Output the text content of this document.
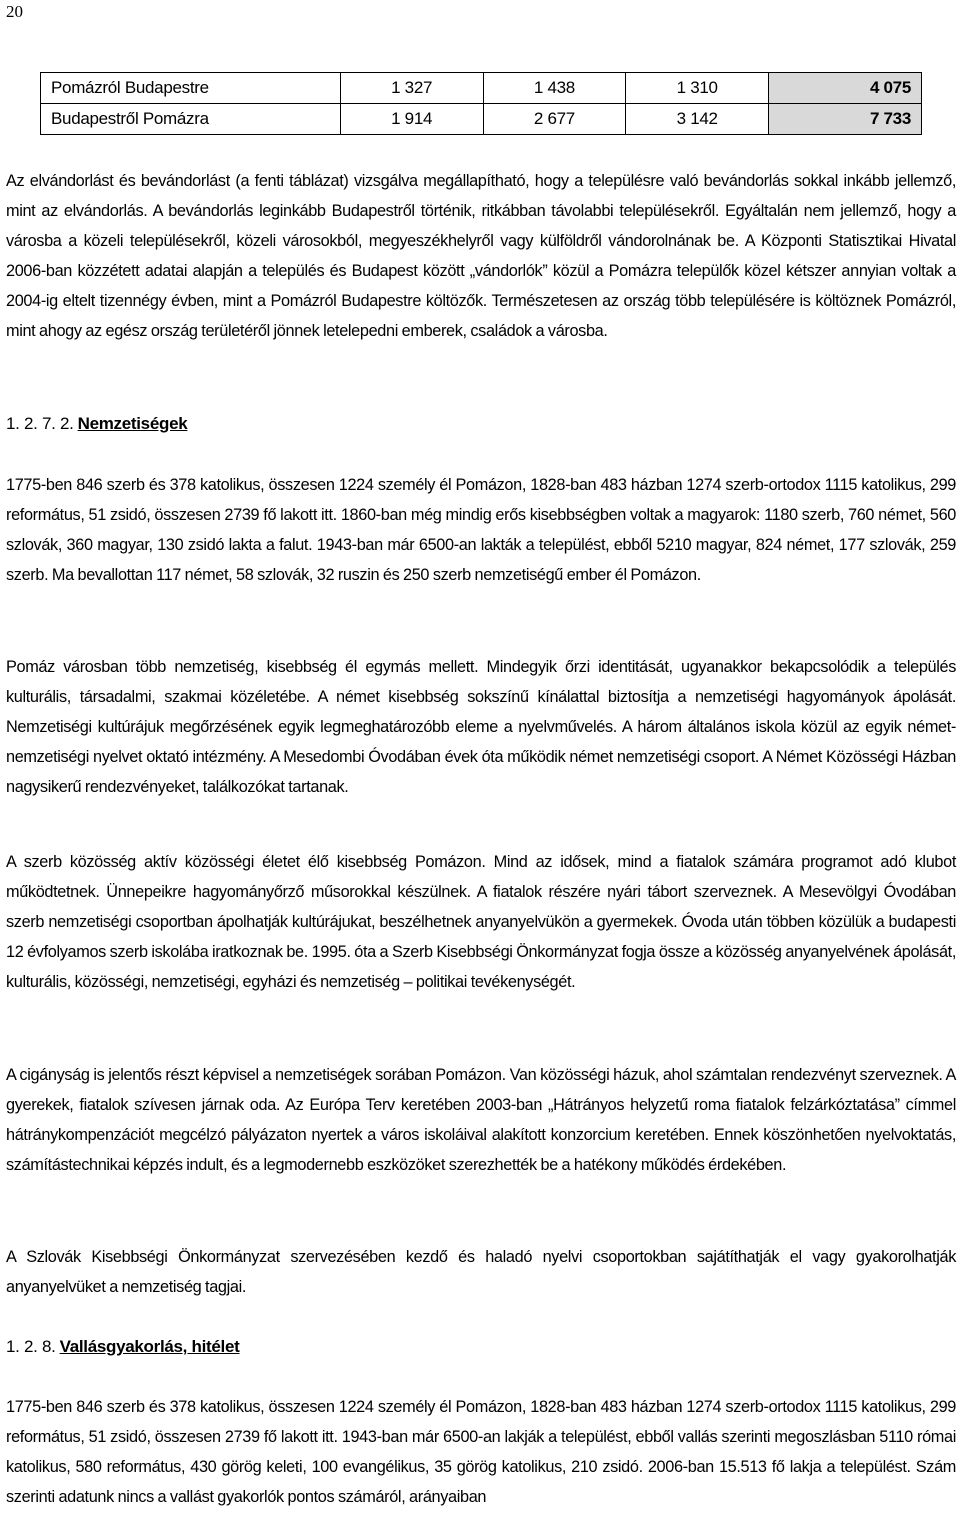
20
Pomázról Budapestre	1 327	1 438	1 310	4 075
Budapestről Pomázra	1 914	2 677	3 142	7 733

Az elvándorlást és bevándorlást (a fenti táblázat) vizsgálva megállapítható, hogy a településre való bevándorlás sokkal inkább jellemző, mint az elvándorlás. A bevándorlás leginkább Budapestről történik, ritkábban távolabbi településekről. Egyáltalán nem jellemző, hogy a városba a közeli településekről, közeli városokból, megyeszékhelyről vagy külföldről vándorolnának be. A Központi Statisztikai Hivatal 2006-ban közzétett adatai alapján a település és Budapest között „vándorlók” közül a Pomázra települők közel kétszer annyian voltak a 2004-ig eltelt tizennégy évben, mint a Pomázról Budapestre költözők. Természetesen az ország több településére is költöznek Pomázról, mint ahogy az egész ország területéről jönnek letelepedni emberek, családok a városba.

1. 2. 7. 2. Nemzetiségek

1775-ben 846 szerb és 378 katolikus, összesen 1224 személy él Pomázon, 1828-ban 483 házban 1274 szerb-ortodox 1115 katolikus, 299 református, 51 zsidó, összesen 2739 fő lakott itt. 1860-ban még mindig erős kisebbségben voltak a magyarok: 1180 szerb, 760 német, 560 szlovák, 360 magyar, 130 zsidó lakta a falut. 1943-ban már 6500-an lakták a települést, ebből 5210 magyar, 824 német, 177 szlovák, 259 szerb. Ma bevallottan 117 német, 58 szlovák, 32 ruszin és 250 szerb nemzetiségű ember él Pomázon.

Pomáz városban több nemzetiség, kisebbség él egymás mellett. Mindegyik őrzi identitását, ugyanakkor bekapcsolódik a település kulturális, társadalmi, szakmai közéletébe. A német kisebbség sokszínű kínálattal biztosítja a nemzetiségi hagyományok ápolását. Nemzetiségi kultúrájuk megőrzésének egyik legmeghatározóbb eleme a nyelvművelés. A három általános iskola közül az egyik német-nemzetiségi nyelvet oktató intézmény. A Mesedombi Óvodában évek óta működik német nemzetiségi csoport. A Német Közösségi Házban nagysikerű rendezvényeket, találkozókat tartanak.

A szerb közösség aktív közösségi életet élő kisebbség Pomázon. Mind az idősek, mind a fiatalok számára programot adó klubot működtetnek. Ünnepeikre hagyományőrző műsorokkal készülnek. A fiatalok részére nyári tábort szerveznek. A Mesevölgyi Óvodában szerb nemzetiségi csoportban ápolhatják kultúrájukat, beszélhetnek anyanyelvükön a gyermekek. Óvoda után többen közülük a budapesti 12 évfolyamos szerb iskolába iratkoznak be. 1995. óta a Szerb Kisebbségi Önkormányzat fogja össze a közösség anyanyelvének ápolását, kulturális, közösségi, nemzetiségi, egyházi és nemzetiség – politikai tevékenységét.

A cigányság is jelentős részt képvisel a nemzetiségek sorában Pomázon. Van közösségi házuk, ahol számtalan rendezvényt szerveznek. A gyerekek, fiatalok szívesen járnak oda. Az Európa Terv keretében 2003-ban „Hátrányos helyzetű roma fiatalok felzárkóztatása” címmel hátránykompenzációt megcélzó pályázaton nyertek a város iskoláival alakított konzorcium keretében. Ennek köszönhetően nyelvoktatás, számítástechnikai képzés indult, és a legmodernebb eszközöket szerezhették be a hatékony működés érdekében.

A Szlovák Kisebbségi Önkormányzat szervezésében kezdő és haladó nyelvi csoportokban sajátíthatják el vagy gyakorolhatják anyanyelvüket a nemzetiség tagjai.

1. 2. 8. Vallásgyakorlás, hitélet

1775-ben 846 szerb és 378 katolikus, összesen 1224 személy él Pomázon, 1828-ban 483 házban 1274 szerb-ortodox 1115 katolikus, 299 református, 51 zsidó, összesen 2739 fő lakott itt. 1943-ban már 6500-an lakják a települést, ebből vallás szerinti megoszlásban 5110 római katolikus, 580 református, 430 görög keleti, 100 evangélikus, 35 görög katolikus, 210 zsidó. 2006-ban 15.513 fő lakja a települést. Szám szerinti adatunk nincs a vallást gyakorlók pontos számáról, arányaiban
